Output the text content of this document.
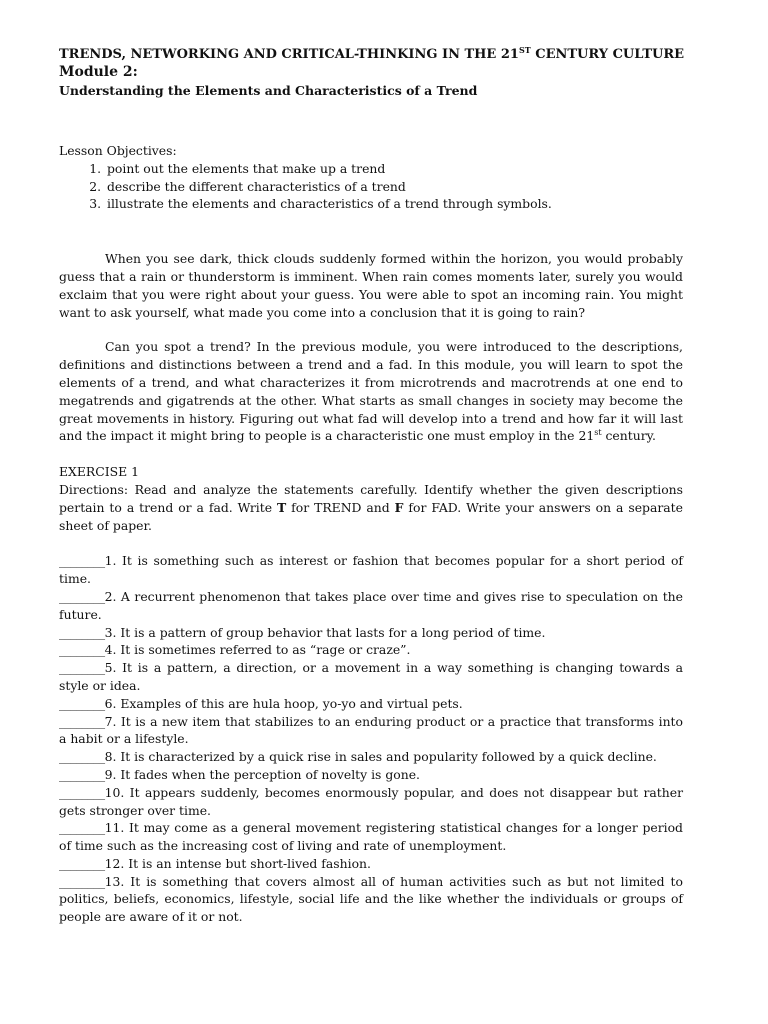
TRENDS, NETWORKING AND CRITICAL-THINKING IN THE 21ST CENTURY CULTURE
Module 2:
Understanding the Elements and Characteristics of a Trend
Lesson Objectives:
1. point out the elements that make up a trend
2. describe the different characteristics of a trend
3. illustrate the elements and characteristics of a trend through symbols.

When you see dark, thick clouds suddenly formed within the horizon, you would probably guess that a rain or thunderstorm is imminent. When rain comes moments later, surely you would exclaim that you were right about your guess. You were able to spot an incoming rain. You might want to ask yourself, what made you come into a conclusion that it is going to rain?

Can you spot a trend? In the previous module, you were introduced to the descriptions, definitions and distinctions between a trend and a fad. In this module, you will learn to spot the elements of a trend, and what characterizes it from microtrends and macrotrends at one end to megatrends and gigatrends at the other. What starts as small changes in society may become the great movements in history. Figuring out what fad will develop into a trend and how far it will last and the impact it might bring to people is a characteristic one must employ in the 21st century.

EXERCISE 1

Directions: Read and analyze the statements carefully. Identify whether the given descriptions pertain to a trend or a fad. Write T for TREND and F for FAD. Write your answers on a separate sheet of paper.

________1. It is something such as interest or fashion that becomes popular for a short period of time.

________2. A recurrent phenomenon that takes place over time and gives rise to speculation on the future.

________3. It is a pattern of group behavior that lasts for a long period of time.

________4. It is sometimes referred to as “rage or craze”.

________5. It is a pattern, a direction, or a movement in a way something is changing towards a style or idea.

________6. Examples of this are hula hoop, yo-yo and virtual pets.

________7. It is a new item that stabilizes to an enduring product or a practice that transforms into a habit or a lifestyle.

________8. It is characterized by a quick rise in sales and popularity followed by a quick decline.

________9. It fades when the perception of novelty is gone.

________10. It appears suddenly, becomes enormously popular, and does not disappear but rather gets stronger over time.

________11. It may come as a general movement registering statistical changes for a longer period of time such as the increasing cost of living and rate of unemployment.

________12. It is an intense but short-lived fashion.

________13. It is something that covers almost all of human activities such as but not limited to politics, beliefs, economics, lifestyle, social life and the like whether the individuals or groups of people are aware of it or not.
